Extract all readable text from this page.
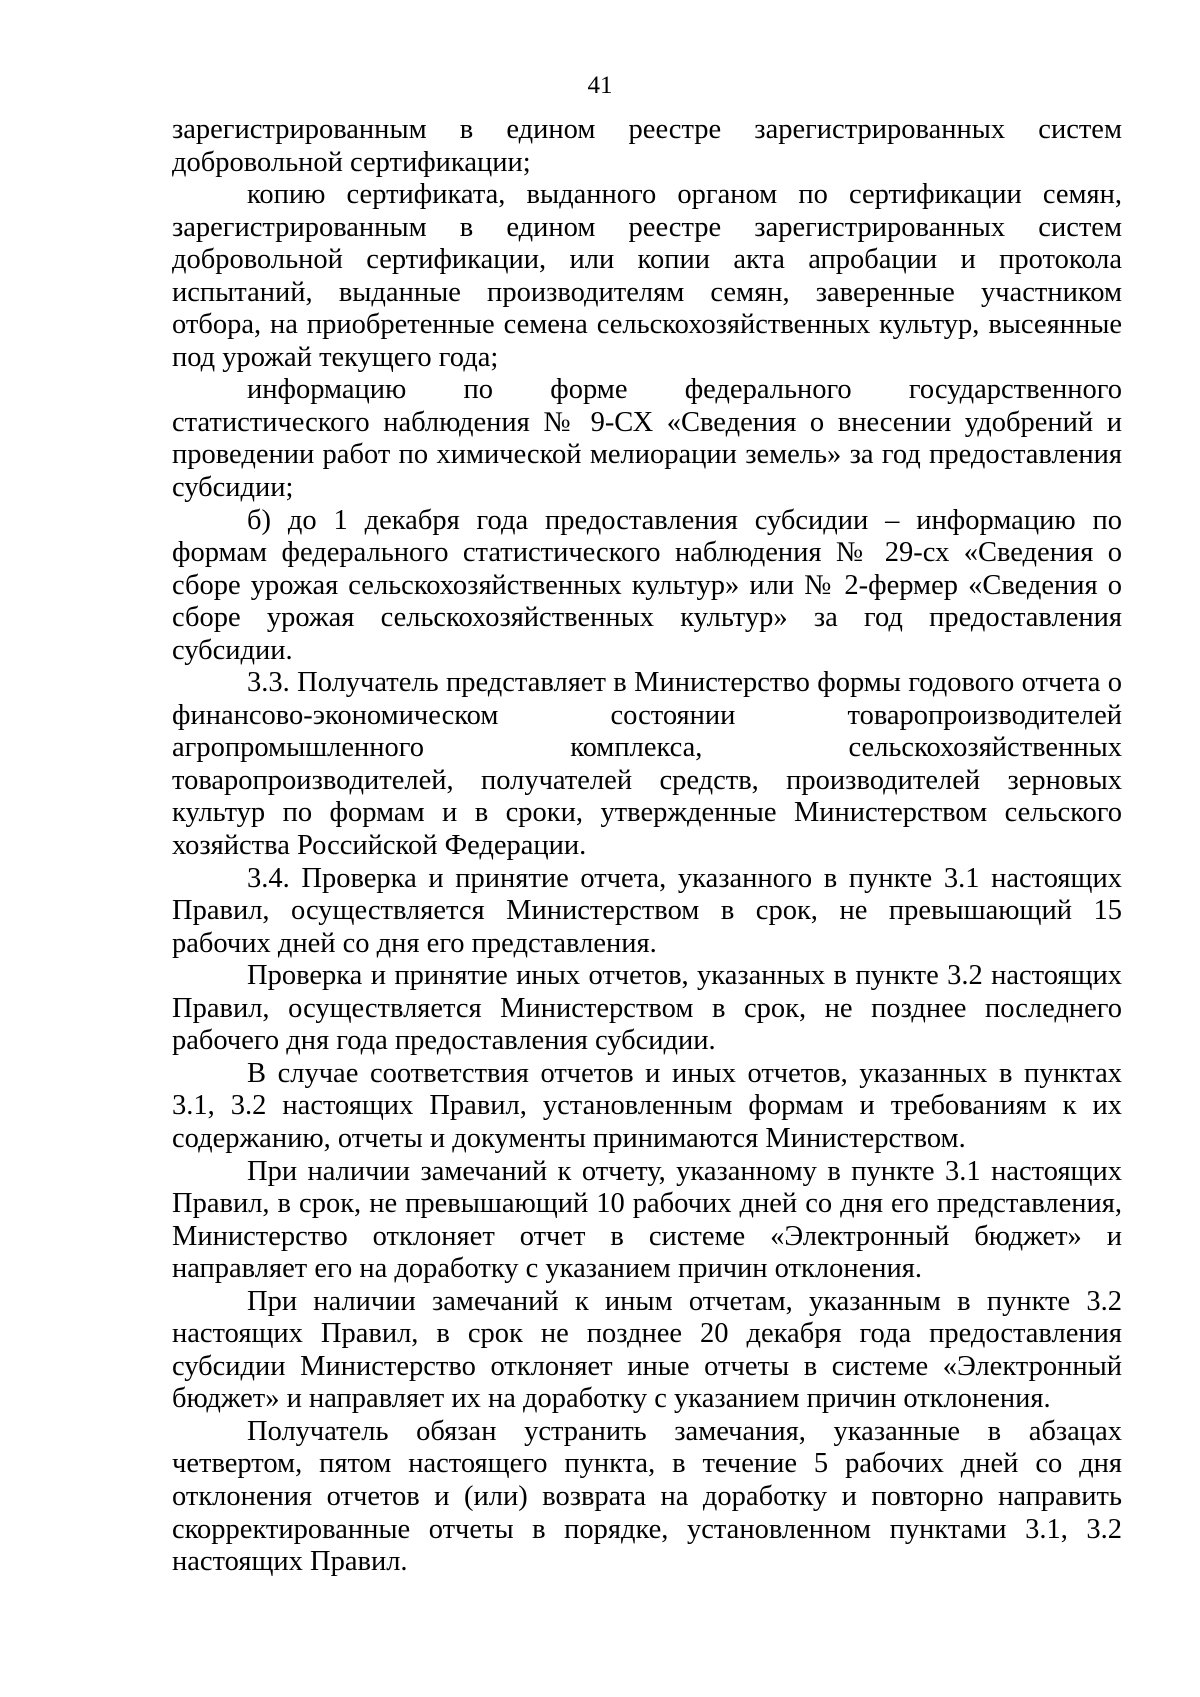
41

зарегистрированным в едином реестре зарегистрированных систем добровольной сертификации;

копию сертификата, выданного органом по сертификации семян, зарегистрированным в едином реестре зарегистрированных систем добровольной сертификации, или копии акта апробации и протокола испытаний, выданные производителям семян, заверенные участником отбора, на приобретенные семена сельскохозяйственных культур, высеянные под урожай текущего года;

информацию по форме федерального государственного статистического наблюдения № 9-СХ «Сведения о внесении удобрений и проведении работ по химической мелиорации земель» за год предоставления субсидии;

б) до 1 декабря года предоставления субсидии – информацию по формам федерального статистического наблюдения № 29-сх «Сведения о сборе урожая сельскохозяйственных культур» или № 2-фермер «Сведения о сборе урожая сельскохозяйственных культур» за год предоставления субсидии.

3.3. Получатель представляет в Министерство формы годового отчета о финансово-экономическом состоянии товаропроизводителей агропромышленного комплекса, сельскохозяйственных товаропроизводителей, получателей средств, производителей зерновых культур по формам и в сроки, утвержденные Министерством сельского хозяйства Российской Федерации.

3.4. Проверка и принятие отчета, указанного в пункте 3.1 настоящих Правил, осуществляется Министерством в срок, не превышающий 15 рабочих дней со дня его представления.

Проверка и принятие иных отчетов, указанных в пункте 3.2 настоящих Правил, осуществляется Министерством в срок, не позднее последнего рабочего дня года предоставления субсидии.

В случае соответствия отчетов и иных отчетов, указанных в пунктах 3.1, 3.2 настоящих Правил, установленным формам и требованиям к их содержанию, отчеты и документы принимаются Министерством.

При наличии замечаний к отчету, указанному в пункте 3.1 настоящих Правил, в срок, не превышающий 10 рабочих дней со дня его представления, Министерство отклоняет отчет в системе «Электронный бюджет» и направляет его на доработку с указанием причин отклонения.

При наличии замечаний к иным отчетам, указанным в пункте 3.2 настоящих Правил, в срок не позднее 20 декабря года предоставления субсидии Министерство отклоняет иные отчеты в системе «Электронный бюджет» и направляет их на доработку с указанием причин отклонения.

Получатель обязан устранить замечания, указанные в абзацах четвертом, пятом настоящего пункта, в течение 5 рабочих дней со дня отклонения отчетов и (или) возврата на доработку и повторно направить скорректированные отчеты в порядке, установленном пунктами 3.1, 3.2 настоящих Правил.
